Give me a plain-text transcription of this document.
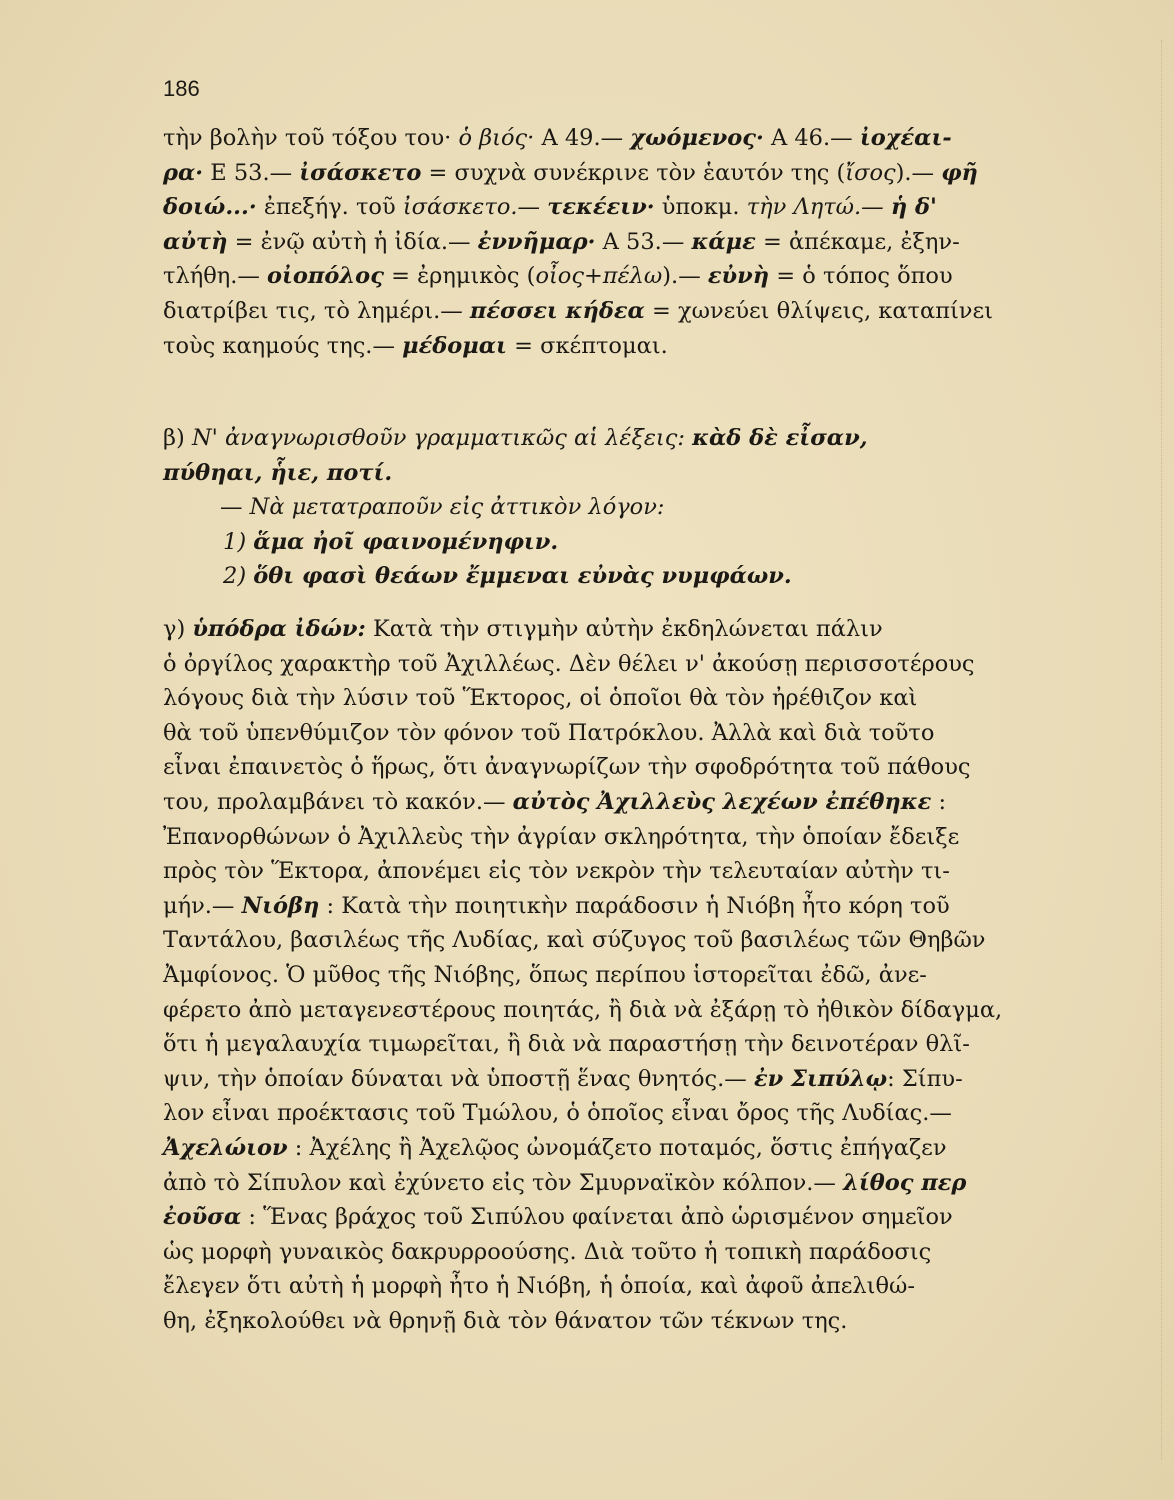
186
τὴν βολὴν τοῦ τόξου του· ὁ βιός· Α 49.— χωόμενος· Α 46.— ἰοχέαι-
ρα· Ε 53.— ἰσάσκετο = συχνὰ συνέκρινε τὸν ἑαυτόν της (ἴσος).— φῆ
δοιώ...· ἐπεξήγ. τοῦ ἰσάσκετο.— τεκέειν· ὑποκμ. τὴν Λητώ.— ἡ δ'
αὐτὴ = ἐνῷ αὐτὴ ἡ ἰδία.— ἐννῆμαρ· Α 53.— κάμε = ἀπέκαμε, ἐξην-
τλήθη.— οἰοπόλος = ἐρημικὸς (οἶος+πέλω).— εὐνὴ = ὁ τόπος ὅπου
διατρίβει τις, τὸ λημέρι.— πέσσει κήδεα = χωνεύει θλίψεις, καταπίνει
τοὺς καημούς της.— μέδομαι = σκέπτομαι.
β) Ν' ἀναγνωρισθοῦν γραμματικῶς αἱ λέξεις: κὰδ δὲ εἶσαν,
πύθηαι, ἧιε, ποτί.
— Νὰ μετατραποῦν εἰς ἀττικὸν λόγον:
1) ἅμα ἠοῖ φαινομένηφιν.
2) ὅθι φασὶ θεάων ἔμμεναι εὐνὰς νυμφάων.
γ) ὑπόδρα ἰδών: Κατὰ τὴν στιγμὴν αὐτὴν ἐκδηλώνεται πάλιν
ὁ ὀργίλος χαρακτὴρ τοῦ Ἀχιλλέως. Δὲν θέλει ν' ἀκούσῃ περισσοτέρους
λόγους διὰ τὴν λύσιν τοῦ Ἕκτορος, οἱ ὁποῖοι θὰ τὸν ἠρέθιζον καὶ
θὰ τοῦ ὑπενθύμιζον τὸν φόνον τοῦ Πατρόκλου. Ἀλλὰ καὶ διὰ τοῦτο
εἶναι ἐπαινετὸς ὁ ἥρως, ὅτι ἀναγνωρίζων τὴν σφοδρότητα τοῦ πάθους
του, προλαμβάνει τὸ κακόν.— αὐτὸς Ἀχιλλεὺς λεχέων ἐπέθηκε :
Ἐπανορθώνων ὁ Ἀχιλλεὺς τὴν ἀγρίαν σκληρότητα, τὴν ὁποίαν ἔδειξε
πρὸς τὸν Ἕκτορα, ἀπονέμει εἰς τὸν νεκρὸν τὴν τελευταίαν αὐτὴν τι-
μήν.— Νιόβη : Κατὰ τὴν ποιητικὴν παράδοσιν ἡ Νιόβη ἦτο κόρη τοῦ
Ταντάλου, βασιλέως τῆς Λυδίας, καὶ σύζυγος τοῦ βασιλέως τῶν Θηβῶν
Ἀμφίονος. Ὁ μῦθος τῆς Νιόβης, ὅπως περίπου ἱστορεῖται ἐδῶ, ἀνε-
φέρετο ἀπὸ μεταγενεστέρους ποιητάς, ἢ διὰ νὰ ἐξάρῃ τὸ ἠθικὸν δίδαγμα,
ὅτι ἡ μεγαλαυχία τιμωρεῖται, ἢ διὰ νὰ παραστήσῃ τὴν δεινοτέραν θλῖ-
ψιν, τὴν ὁποίαν δύναται νὰ ὑποστῇ ἕνας θνητός.— ἐν Σιπύλῳ: Σίπυ-
λον εἶναι προέκτασις τοῦ Τμώλου, ὁ ὁποῖος εἶναι ὄρος τῆς Λυδίας.—
Ἀχελώιον : Ἀχέλης ἢ Ἀχελῷος ὠνομάζετο ποταμός, ὅστις ἐπήγαζεν
ἀπὸ τὸ Σίπυλον καὶ ἐχύνετο εἰς τὸν Σμυρναϊκὸν κόλπον.— λίθος περ
ἐοῦσα : Ἕνας βράχος τοῦ Σιπύλου φαίνεται ἀπὸ ὡρισμένον σημεῖον
ὡς μορφὴ γυναικὸς δακρυρροούσης. Διὰ τοῦτο ἡ τοπικὴ παράδοσις
ἔλεγεν ὅτι αὐτὴ ἡ μορφὴ ἦτο ἡ Νιόβη, ἡ ὁποία, καὶ ἀφοῦ ἀπελιθώ-
θη, ἐξηκολούθει νὰ θρηνῇ διὰ τὸν θάνατον τῶν τέκνων της.
